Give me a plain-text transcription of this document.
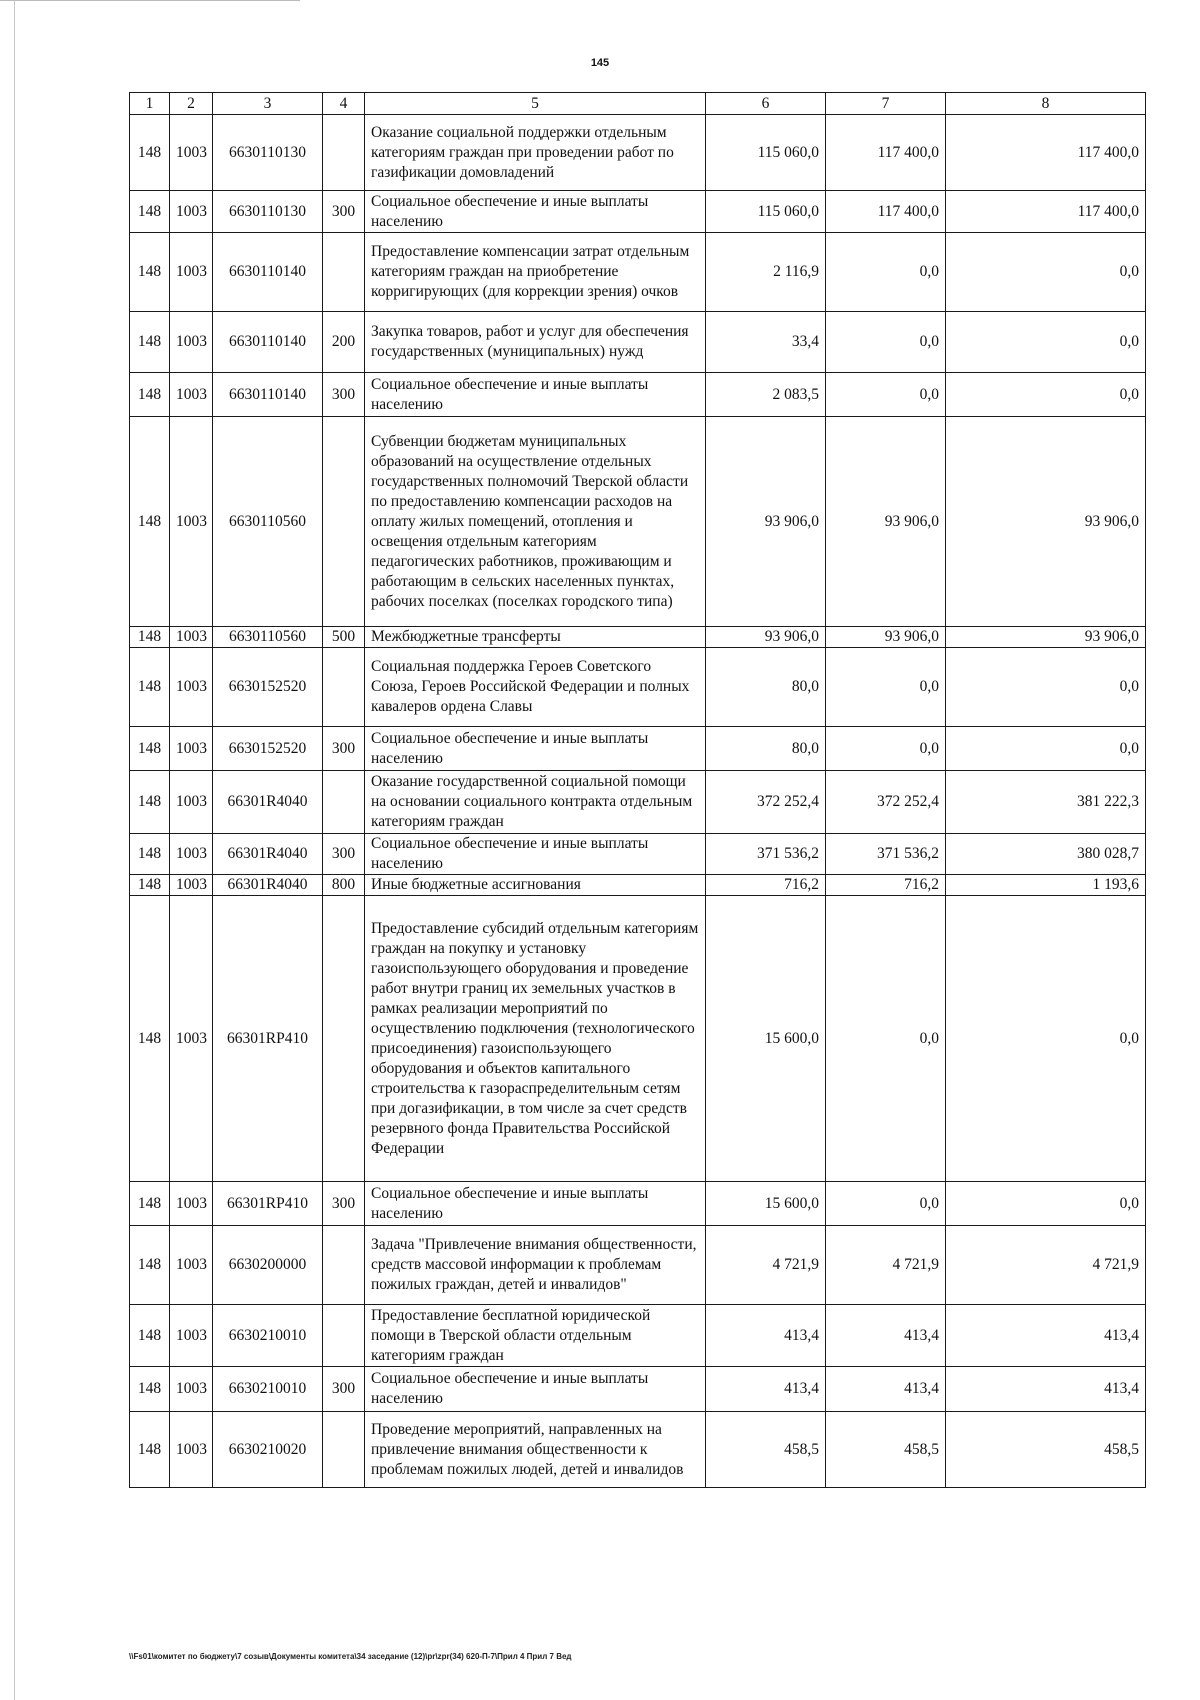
145
1	2	3	4	5	6	7	8
148	1003	6630110130		Оказание социальной поддержки отдельным категориям граждан при проведении работ по газификации домовладений	115 060,0	117 400,0	117 400,0
148	1003	6630110130	300	Социальное обеспечение и иные выплаты населению	115 060,0	117 400,0	117 400,0
148	1003	6630110140		Предоставление компенсации затрат отдельным категориям граждан на приобретение корригирующих (для коррекции зрения) очков	2 116,9	0,0	0,0
148	1003	6630110140	200	Закупка товаров, работ и услуг для обеспечения государственных (муниципальных) нужд	33,4	0,0	0,0
148	1003	6630110140	300	Социальное обеспечение и иные выплаты населению	2 083,5	0,0	0,0
148	1003	6630110560		Субвенции бюджетам муниципальных образований на осуществление отдельных государственных полномочий Тверской области по предоставлению компенсации расходов на оплату жилых помещений, отопления и освещения отдельным категориям педагогических работников, проживающим и работающим в сельских населенных пунктах, рабочих поселках (поселках городского типа)	93 906,0	93 906,0	93 906,0
148	1003	6630110560	500	Межбюджетные трансферты	93 906,0	93 906,0	93 906,0
148	1003	6630152520		Социальная поддержка Героев Советского Союза, Героев Российской Федерации и полных кавалеров ордена Славы	80,0	0,0	0,0
148	1003	6630152520	300	Социальное обеспечение и иные выплаты населению	80,0	0,0	0,0
148	1003	66301R4040		Оказание государственной социальной помощи на основании социального контракта отдельным категориям граждан	372 252,4	372 252,4	381 222,3
148	1003	66301R4040	300	Социальное обеспечение и иные выплаты населению	371 536,2	371 536,2	380 028,7
148	1003	66301R4040	800	Иные бюджетные ассигнования	716,2	716,2	1 193,6
148	1003	66301RP410		Предоставление субсидий отдельным категориям граждан на покупку и установку газоиспользующего оборудования и проведение работ внутри границ их земельных участков в рамках реализации мероприятий по осуществлению подключения (технологического присоединения) газоиспользующего оборудования и объектов капитального строительства к газораспределительным сетям при догазификации, в том числе за счет средств резервного фонда Правительства Российской Федерации	15 600,0	0,0	0,0
148	1003	66301RP410	300	Социальное обеспечение и иные выплаты населению	15 600,0	0,0	0,0
148	1003	6630200000		Задача "Привлечение внимания общественности, средств массовой информации к проблемам пожилых граждан, детей и инвалидов"	4 721,9	4 721,9	4 721,9
148	1003	6630210010		Предоставление бесплатной юридической помощи в Тверской области отдельным категориям граждан	413,4	413,4	413,4
148	1003	6630210010	300	Социальное обеспечение и иные выплаты населению	413,4	413,4	413,4
148	1003	6630210020		Проведение мероприятий, направленных на привлечение внимания общественности к проблемам пожилых людей, детей и инвалидов	458,5	458,5	458,5
\\Fs01\комитет по бюджету\7 созыв\Документы комитета\34 заседание (12)\pr\zpr(34) 620-П-7\Прил 4 Прил 7 Вед
